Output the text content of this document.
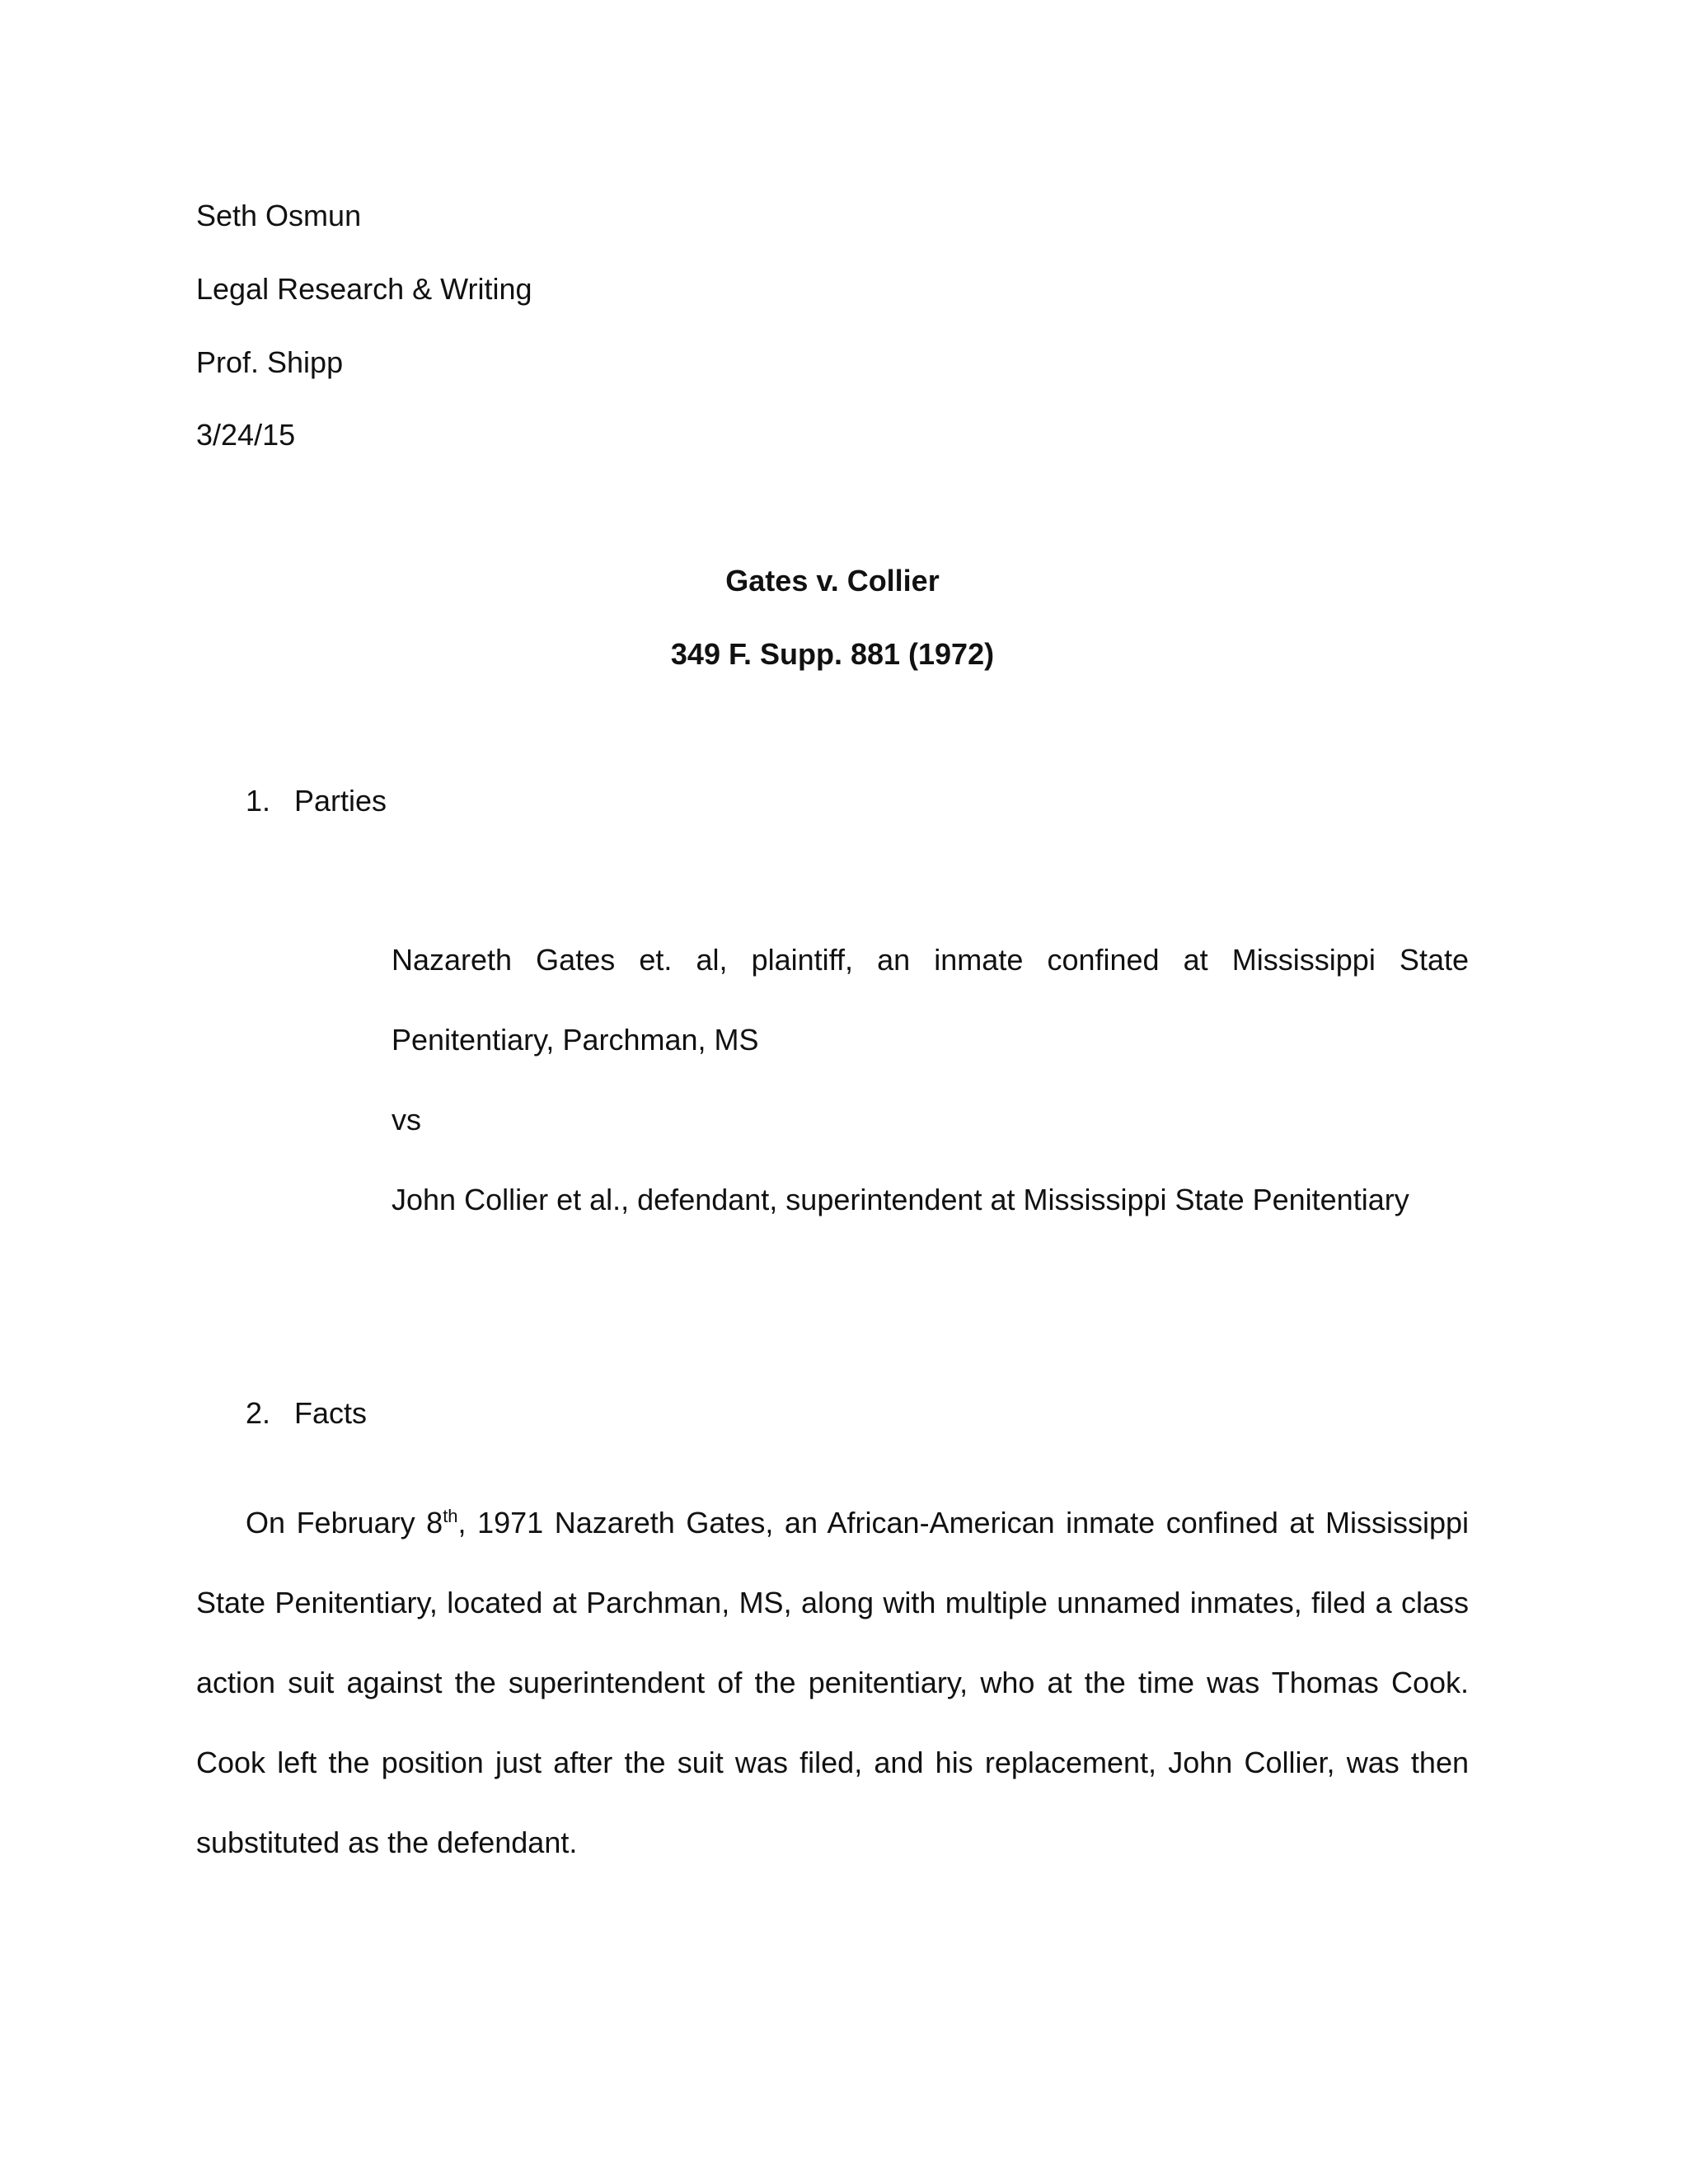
Seth Osmun
Legal Research & Writing
Prof. Shipp
3/24/15
Gates v. Collier
349 F. Supp. 881 (1972)
1. Parties
Nazareth Gates et. al, plaintiff, an inmate confined at Mississippi State
Penitentiary, Parchman, MS
vs
John Collier et al., defendant, superintendent at Mississippi State Penitentiary
2. Facts
On February 8th, 1971 Nazareth Gates, an African-American inmate confined at Mississippi
State Penitentiary, located at Parchman, MS, along with multiple unnamed inmates, filed a class
action suit against the superintendent of the penitentiary, who at the time was Thomas Cook.
Cook left the position just after the suit was filed, and his replacement, John Collier, was then
substituted as the defendant.
